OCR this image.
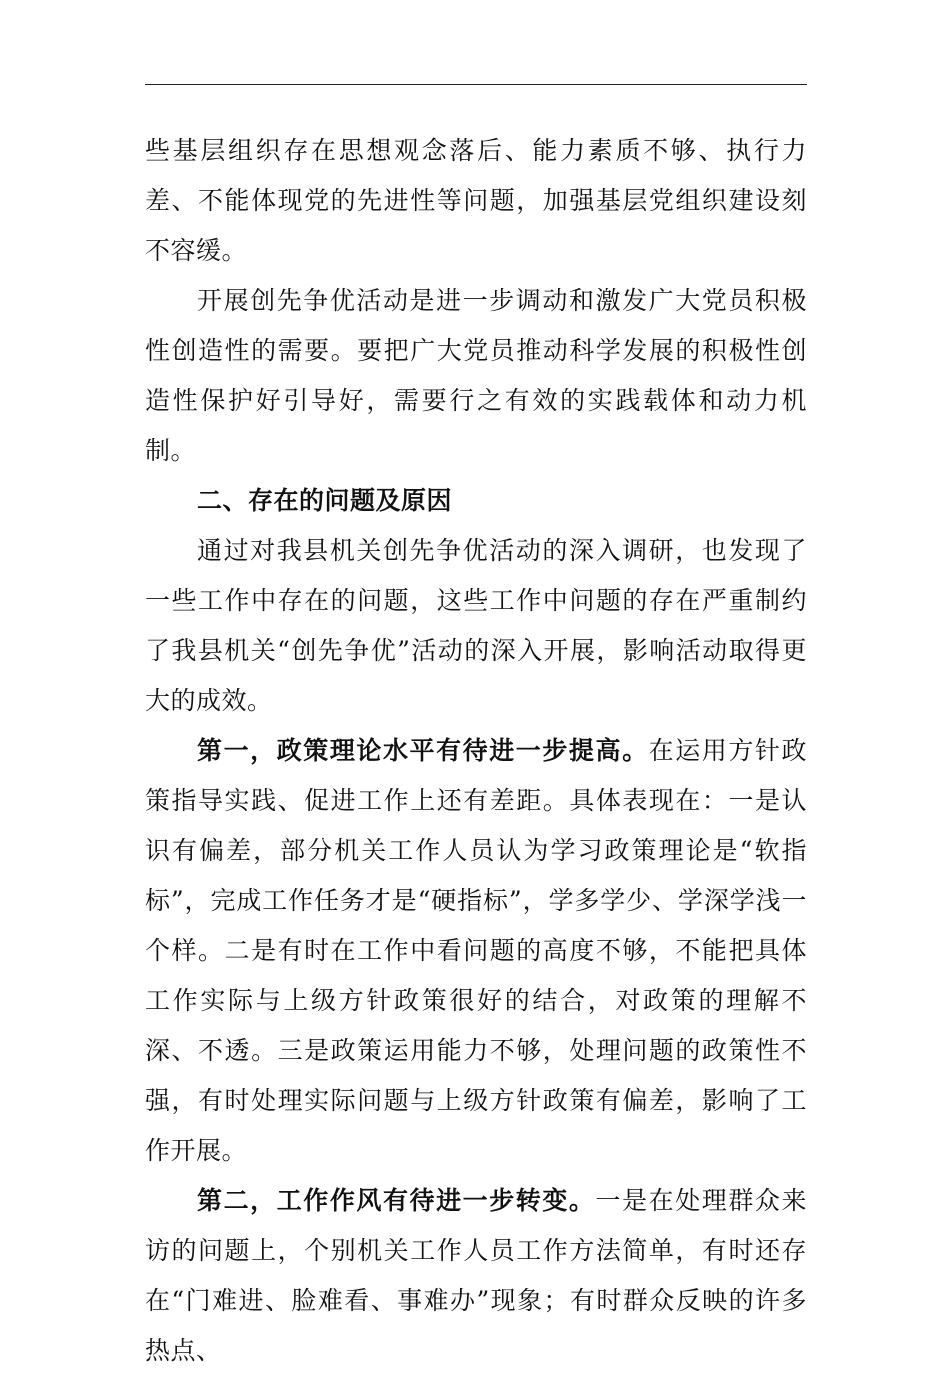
些基层组织存在思想观念落后、能力素质不够、执行力差、不能体现党的先进性等问题，加强基层党组织建设刻不容缓。

开展创先争优活动是进一步调动和激发广大党员积极性创造性的需要。要把广大党员推动科学发展的积极性创造性保护好引导好，需要行之有效的实践载体和动力机制。

二、存在的问题及原因

通过对我县机关创先争优活动的深入调研，也发现了一些工作中存在的问题，这些工作中问题的存在严重制约了我县机关“创先争优”活动的深入开展，影响活动取得更大的成效。

第一，政策理论水平有待进一步提高。在运用方针政策指导实践、促进工作上还有差距。具体表现在：一是认识有偏差，部分机关工作人员认为学习政策理论是“软指标”，完成工作任务才是“硬指标”，学多学少、学深学浅一个样。二是有时在工作中看问题的高度不够，不能把具体工作实际与上级方针政策很好的结合，对政策的理解不深、不透。三是政策运用能力不够，处理问题的政策性不强，有时处理实际问题与上级方针政策有偏差，影响了工作开展。

第二，工作作风有待进一步转变。一是在处理群众来访的问题上，个别机关工作人员工作方法简单，有时还存在“门难进、脸难看、事难办”现象；有时群众反映的许多热点、
